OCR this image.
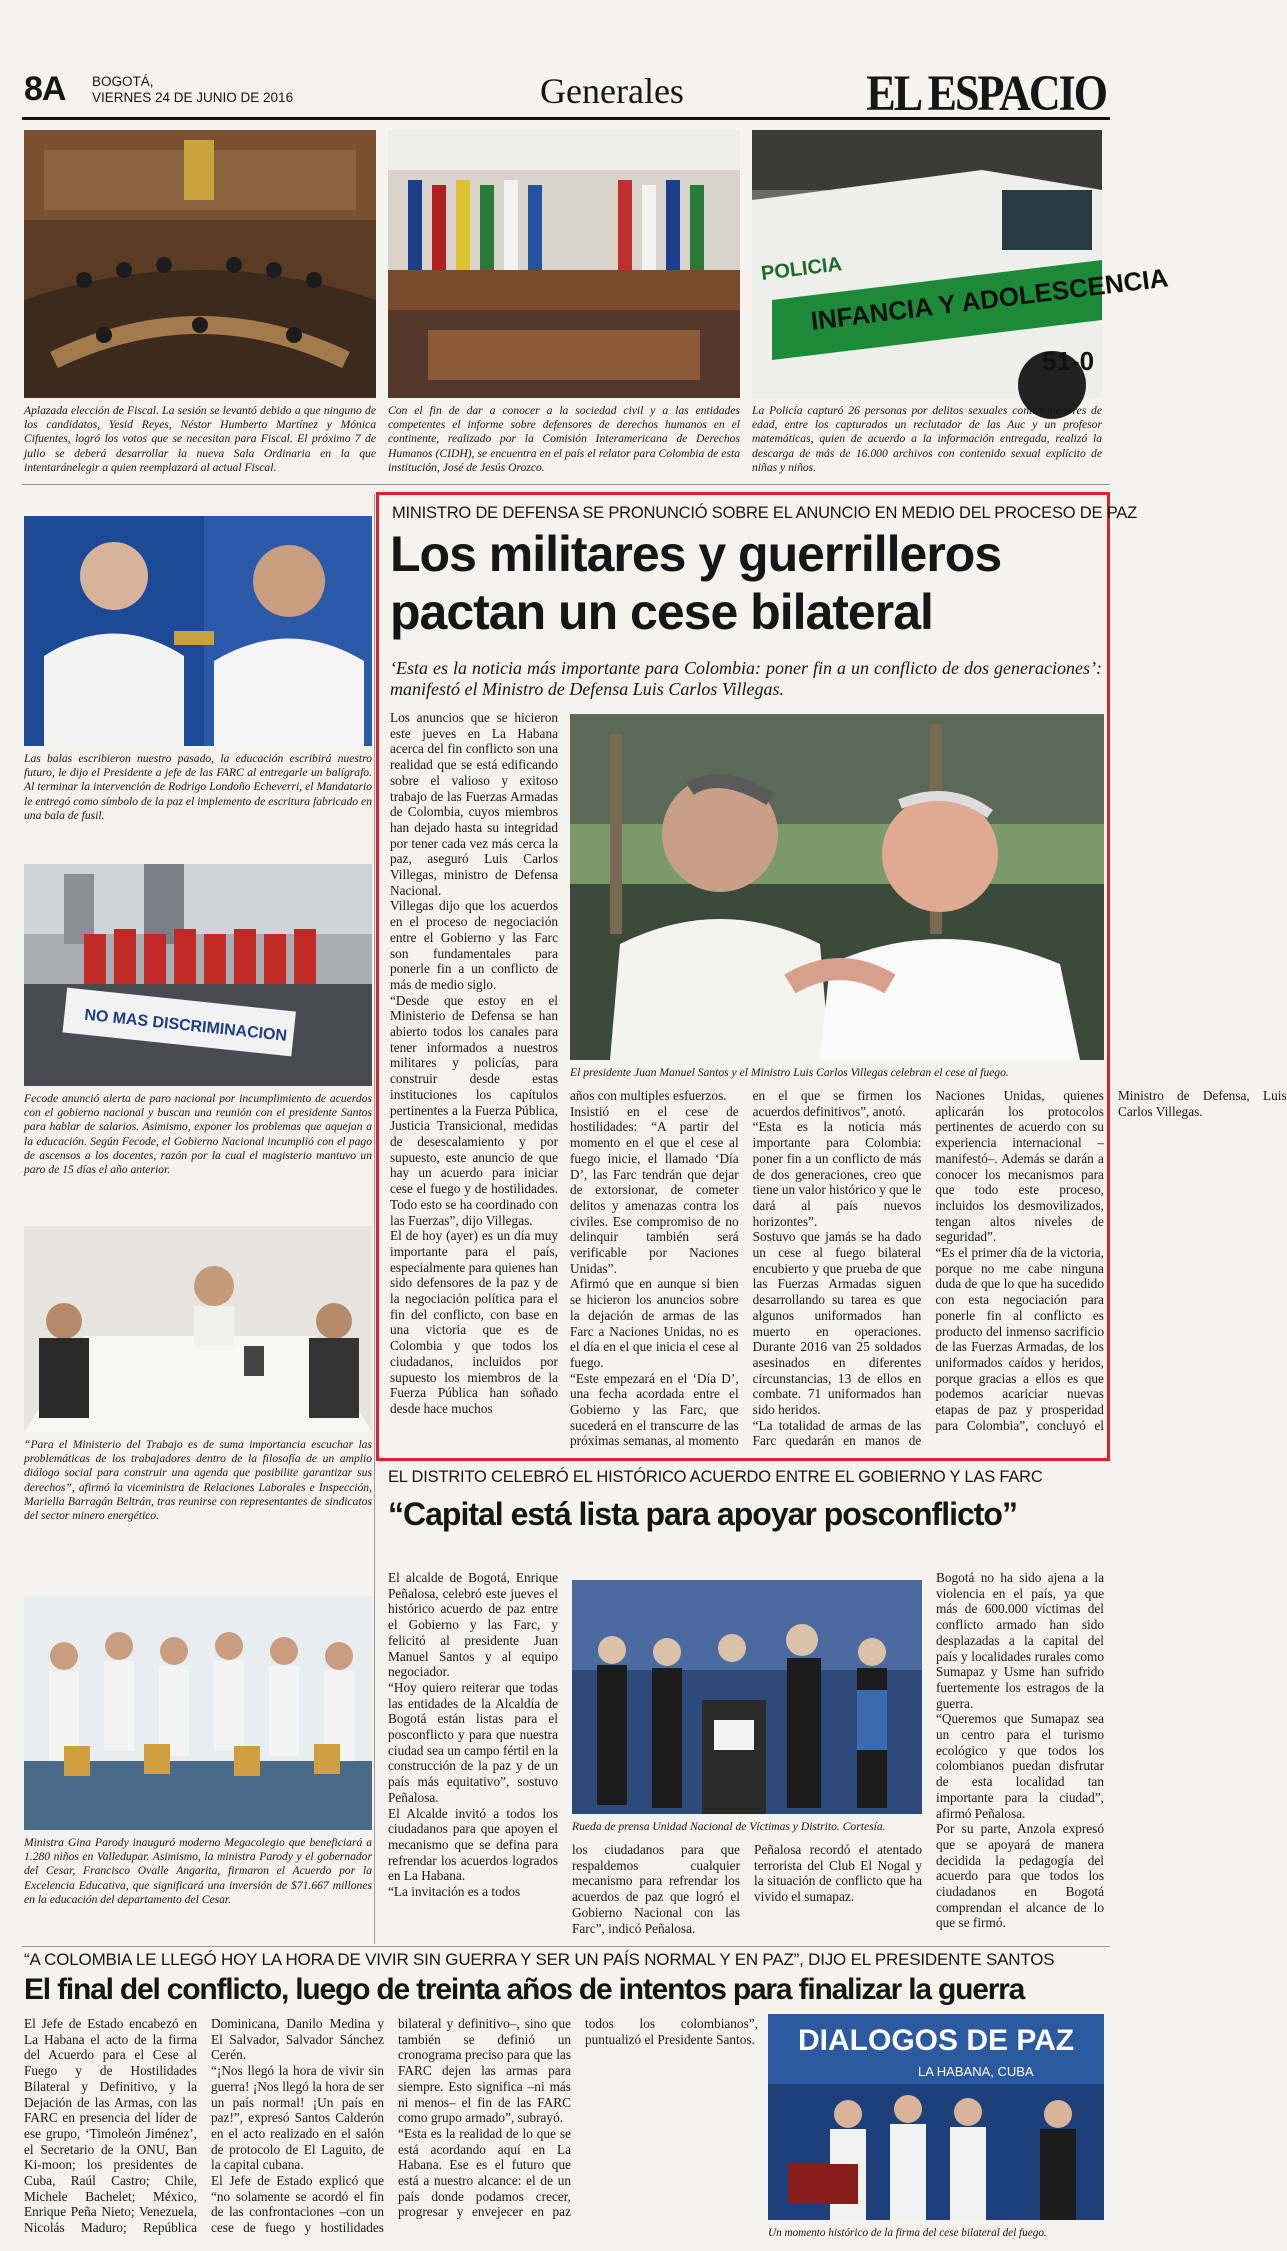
8A BOGOTÁ,
VIERNES 24 DE JUNIO DE 2016	Generales	EL ESPACIO
INFANCIA Y ADOLESCENCIA
POLICIA
51-0
Aplazada elección de Fiscal. La sesión se levantó debido a que ninguno de los candidatos, Yesid Reyes, Néstor Humberto Martínez y Mónica Cifuentes, logró los votos que se necesitan para Fiscal. El próximo 7 de julio se deberá desarrollar la nueva Sala Ordinaria en la que intentaránelegir a quien reemplazará al actual Fiscal.
Con el fin de dar a conocer a la sociedad civil y a las entidades competentes el informe sobre defensores de derechos humanos en el continente, realizado por la Comisión Interamericana de Derechos Humanos (CIDH), se encuentra en el país el relator para Colombia de esta institución, José de Jesús Orozco.
La Policía capturó 26 personas por delitos sexuales contra menores de edad, entre los capturados un reclutador de las Auc y un profesor matemáticas, quien de acuerdo a la información entregada, realizó la descarga de más de 16.000 archivos con contenido sexual explícito de niñas y niños.
Las balas escribieron nuestro pasado, la educación escribirá nuestro futuro, le dijo el Presidente a jefe de las FARC al entregarle un balígrafo. Al terminar la intervención de Rodrigo Londoño Echeverri, el Mandatario le entregó como símbolo de la paz el implemento de escritura fabricado en una bala de fusil.
NO MAS DISCRIMINACION
Fecode anunció alerta de paro nacional por incumplimiento de acuerdos con el gobierno nacional y buscan una reunión con el presidente Santos para hablar de salarios. Asimismo, exponer los problemas que aquejan a la educación. Según Fecode, el Gobierno Nacional incumplió con el pago de ascensos a los docentes, razón por la cual el magisterio mantuvo un paro de 15 días el año anterior.
“Para el Ministerio del Trabajo es de suma importancia escuchar las problemáticas de los trabajadores dentro de la filosofía de un amplio diálogo social para construir una agenda que posibilite garantizar sus derechos”, afirmó la viceministra de Relaciones Laborales e Inspección, Mariella Barragán Beltrán, tras reunirse con representantes de sindicatos del sector minero energético.
Ministra Gina Parody inauguró moderno Megacolegio que beneficiará a 1.280 niños en Valledupar. Asimismo, la ministra Parody y el gobernador del Cesar, Francisco Ovalle Angarita, firmaron el Acuerdo por la Excelencia Educativa, que significará una inversión de $71.667 millones en la educación del departamento del Cesar.
MINISTRO DE DEFENSA SE PRONUNCIÓ SOBRE EL ANUNCIO EN MEDIO DEL PROCESO DE PAZ
Los militares y guerrilleros
pactan un cese bilateral
‘Esta es la noticia más importante para Colombia: poner fin a un conflicto de dos generaciones’: manifestó el Ministro de Defensa Luis Carlos Villegas.

Los anuncios que se hicieron este jueves en La Habana acerca del fin conflicto son una realidad que se está edificando sobre el valioso y exitoso trabajo de las Fuerzas Armadas de Colombia, cuyos miembros han dejado hasta su integridad por tener cada vez más cerca la paz, aseguró Luis Carlos Villegas, ministro de Defensa Nacional.

Villegas dijo que los acuerdos en el proceso de negociación entre el Gobierno y las Farc son fundamentales para ponerle fin a un conflicto de más de medio siglo.

“Desde que estoy en el Ministerio de Defensa se han abierto todos los canales para tener informados a nuestros militares y policías, para construir desde estas instituciones los capítulos pertinentes a la Fuerza Pública, Justicia Transicional, medidas de desescalamiento y por supuesto, este anuncio de que hay un acuerdo para iniciar cese el fuego y de hostilidades. Todo esto se ha coordinado con las Fuerzas”, dijo Villegas.

El de hoy (ayer) es un día muy importante para el país, especialmente para quienes han sido defensores de la paz y de la negociación política para el fin del conflicto, con base en una victoria que es de Colombia y que todos los ciudadanos, incluidos por supuesto los miembros de la Fuerza Pública han soñado desde hace muchos

El presidente Juan Manuel Santos y el Ministro Luis Carlos Villegas celebran el cese al fuego.

años con multiples esfuerzos.

Insistió en el cese de hostilidades: “A partir del momento en el que el cese al fuego inicie, el llamado ‘Día D’, las Farc tendrán que dejar de extorsionar, de cometer delitos y amenazas contra los civiles. Ese compromiso de no delinquir también será verificable por Naciones Unidas”.

Afirmó que en aunque si bien se hicieron los anuncios sobre la dejación de armas de las Farc a Naciones Unidas, no es el día en el que inicia el cese al fuego.

“Este empezará en el ‘Día D’, una fecha acordada entre el Gobierno y las Farc, que sucederá en el transcurre de las próximas semanas, al momento en el que se firmen los acuerdos definitivos”, anotó.

“Esta es la noticia más importante para Colombia: poner fin a un conflicto de más de dos generaciones, creo que tiene un valor histórico y que le dará al país nuevos horizontes”.

Sostuvo que jamás se ha dado un cese al fuego bilateral encubierto y que prueba de que las Fuerzas Armadas siguen desarrollando su tarea es que algunos uniformados han muerto en operaciones. Durante 2016 van 25 soldados asesinados en diferentes circunstancias, 13 de ellos en combate. 71 uniformados han sido heridos.

“La totalidad de armas de las Farc quedarán en manos de Naciones Unidas, quienes aplicarán los protocolos pertinentes de acuerdo con su experiencia internacional –manifestó–. Además se darán a conocer los mecanismos para que todo este proceso, incluidos los desmovilizados, tengan altos niveles de seguridad”.

“Es el primer día de la victoria, porque no me cabe ninguna duda de que lo que ha sucedido con esta negociación para ponerle fin al conflicto es producto del inmenso sacrificio de las Fuerzas Armadas, de los uniformados caídos y heridos, porque gracias a ellos es que podemos acariciar nuevas etapas de paz y prosperidad para Colombia”, concluyó el Ministro de Defensa, Luis Carlos Villegas.

EL DISTRITO CELEBRÓ EL HISTÓRICO ACUERDO ENTRE EL GOBIERNO Y LAS FARC
“Capital está lista para apoyar posconflicto”

El alcalde de Bogotá, Enrique Peñalosa, celebró este jueves el histórico acuerdo de paz entre el Gobierno y las Farc, y felicitó al presidente Juan Manuel Santos y al equipo negociador.

“Hoy quiero reiterar que todas las entidades de la Alcaldía de Bogotá están listas para el posconflicto y para que nuestra ciudad sea un campo fértil en la construcción de la paz y de un país más equitativo”, sostuvo Peñalosa.

El Alcalde invitó a todos los ciudadanos para que apoyen el mecanismo que se defina para refrendar los acuerdos logrados en La Habana.

“La invitación es a todos

Rueda de prensa Unidad Nacional de Víctimas y Distrito. Cortesía.

los ciudadanos para que respaldemos cualquier mecanismo para refrendar los acuerdos de paz que logró el Gobierno Nacional con las Farc”, indicó Peñalosa.

Peñalosa recordó el atentado terrorista del Club El Nogal y la situación de conflicto que ha vivido el sumapaz.

Bogotá no ha sido ajena a la violencia en el país, ya que más de 600.000 víctimas del conflicto armado han sido desplazadas a la capital del país y localidades rurales como Sumapaz y Usme han sufrido fuertemente los estragos de la guerra.

“Queremos que Sumapaz sea un centro para el turismo ecológico y que todos los colombianos puedan disfrutar de esta localidad tan importante para la ciudad”, afirmó Peñalosa.

Por su parte, Anzola expresó que se apoyará de manera decidida la pedagogía del acuerdo para que todos los ciudadanos en Bogotá comprendan el alcance de lo que se firmó.

“A COLOMBIA LE LLEGÓ HOY LA HORA DE VIVIR SIN GUERRA Y SER UN PAÍS NORMAL Y EN PAZ”, DIJO EL PRESIDENTE SANTOS
El final del conflicto, luego de treinta años de intentos para finalizar la guerra

El Jefe de Estado encabezó en La Habana el acto de la firma del Acuerdo para el Cese al Fuego y de Hostilidades Bilateral y Definitivo, y la Dejación de las Armas, con las FARC en presencia del líder de ese grupo, ‘Timoleón Jiménez’, el Secretario de la ONU, Ban Ki-moon; los presidentes de Cuba, Raúl Castro; Chile, Michele Bachelet; México, Enrique Peña Nieto; Venezuela, Nicolás Maduro; República Dominicana, Danilo Medina y El Salvador, Salvador Sánchez Cerén.

“¡Nos llegó la hora de vivir sin guerra! ¡Nos llegó la hora de ser un país normal! ¡Un país en paz!”, expresó Santos Calderón en el acto realizado en el salón de protocolo de El Laguito, de la capital cubana.

El Jefe de Estado explicó que “no solamente se acordó el fin de las confrontaciones –con un cese de fuego y hostilidades bilateral y definitivo–, sino que también se definió un cronograma preciso para que las FARC dejen las armas para siempre. Esto significa –ni más ni menos– el fin de las FARC como grupo armado”, subrayó.

“Esta es la realidad de lo que se está acordando aquí en La Habana. Ese es el futuro que está a nuestro alcance: el de un país donde podamos crecer, progresar y envejecer en paz todos los colombianos”, puntualizó el Presidente Santos. DIALOGOS DE PAZ
LA HABANA, CUBA
Un momento histórico de la firma del cese bilateral del fuego.
